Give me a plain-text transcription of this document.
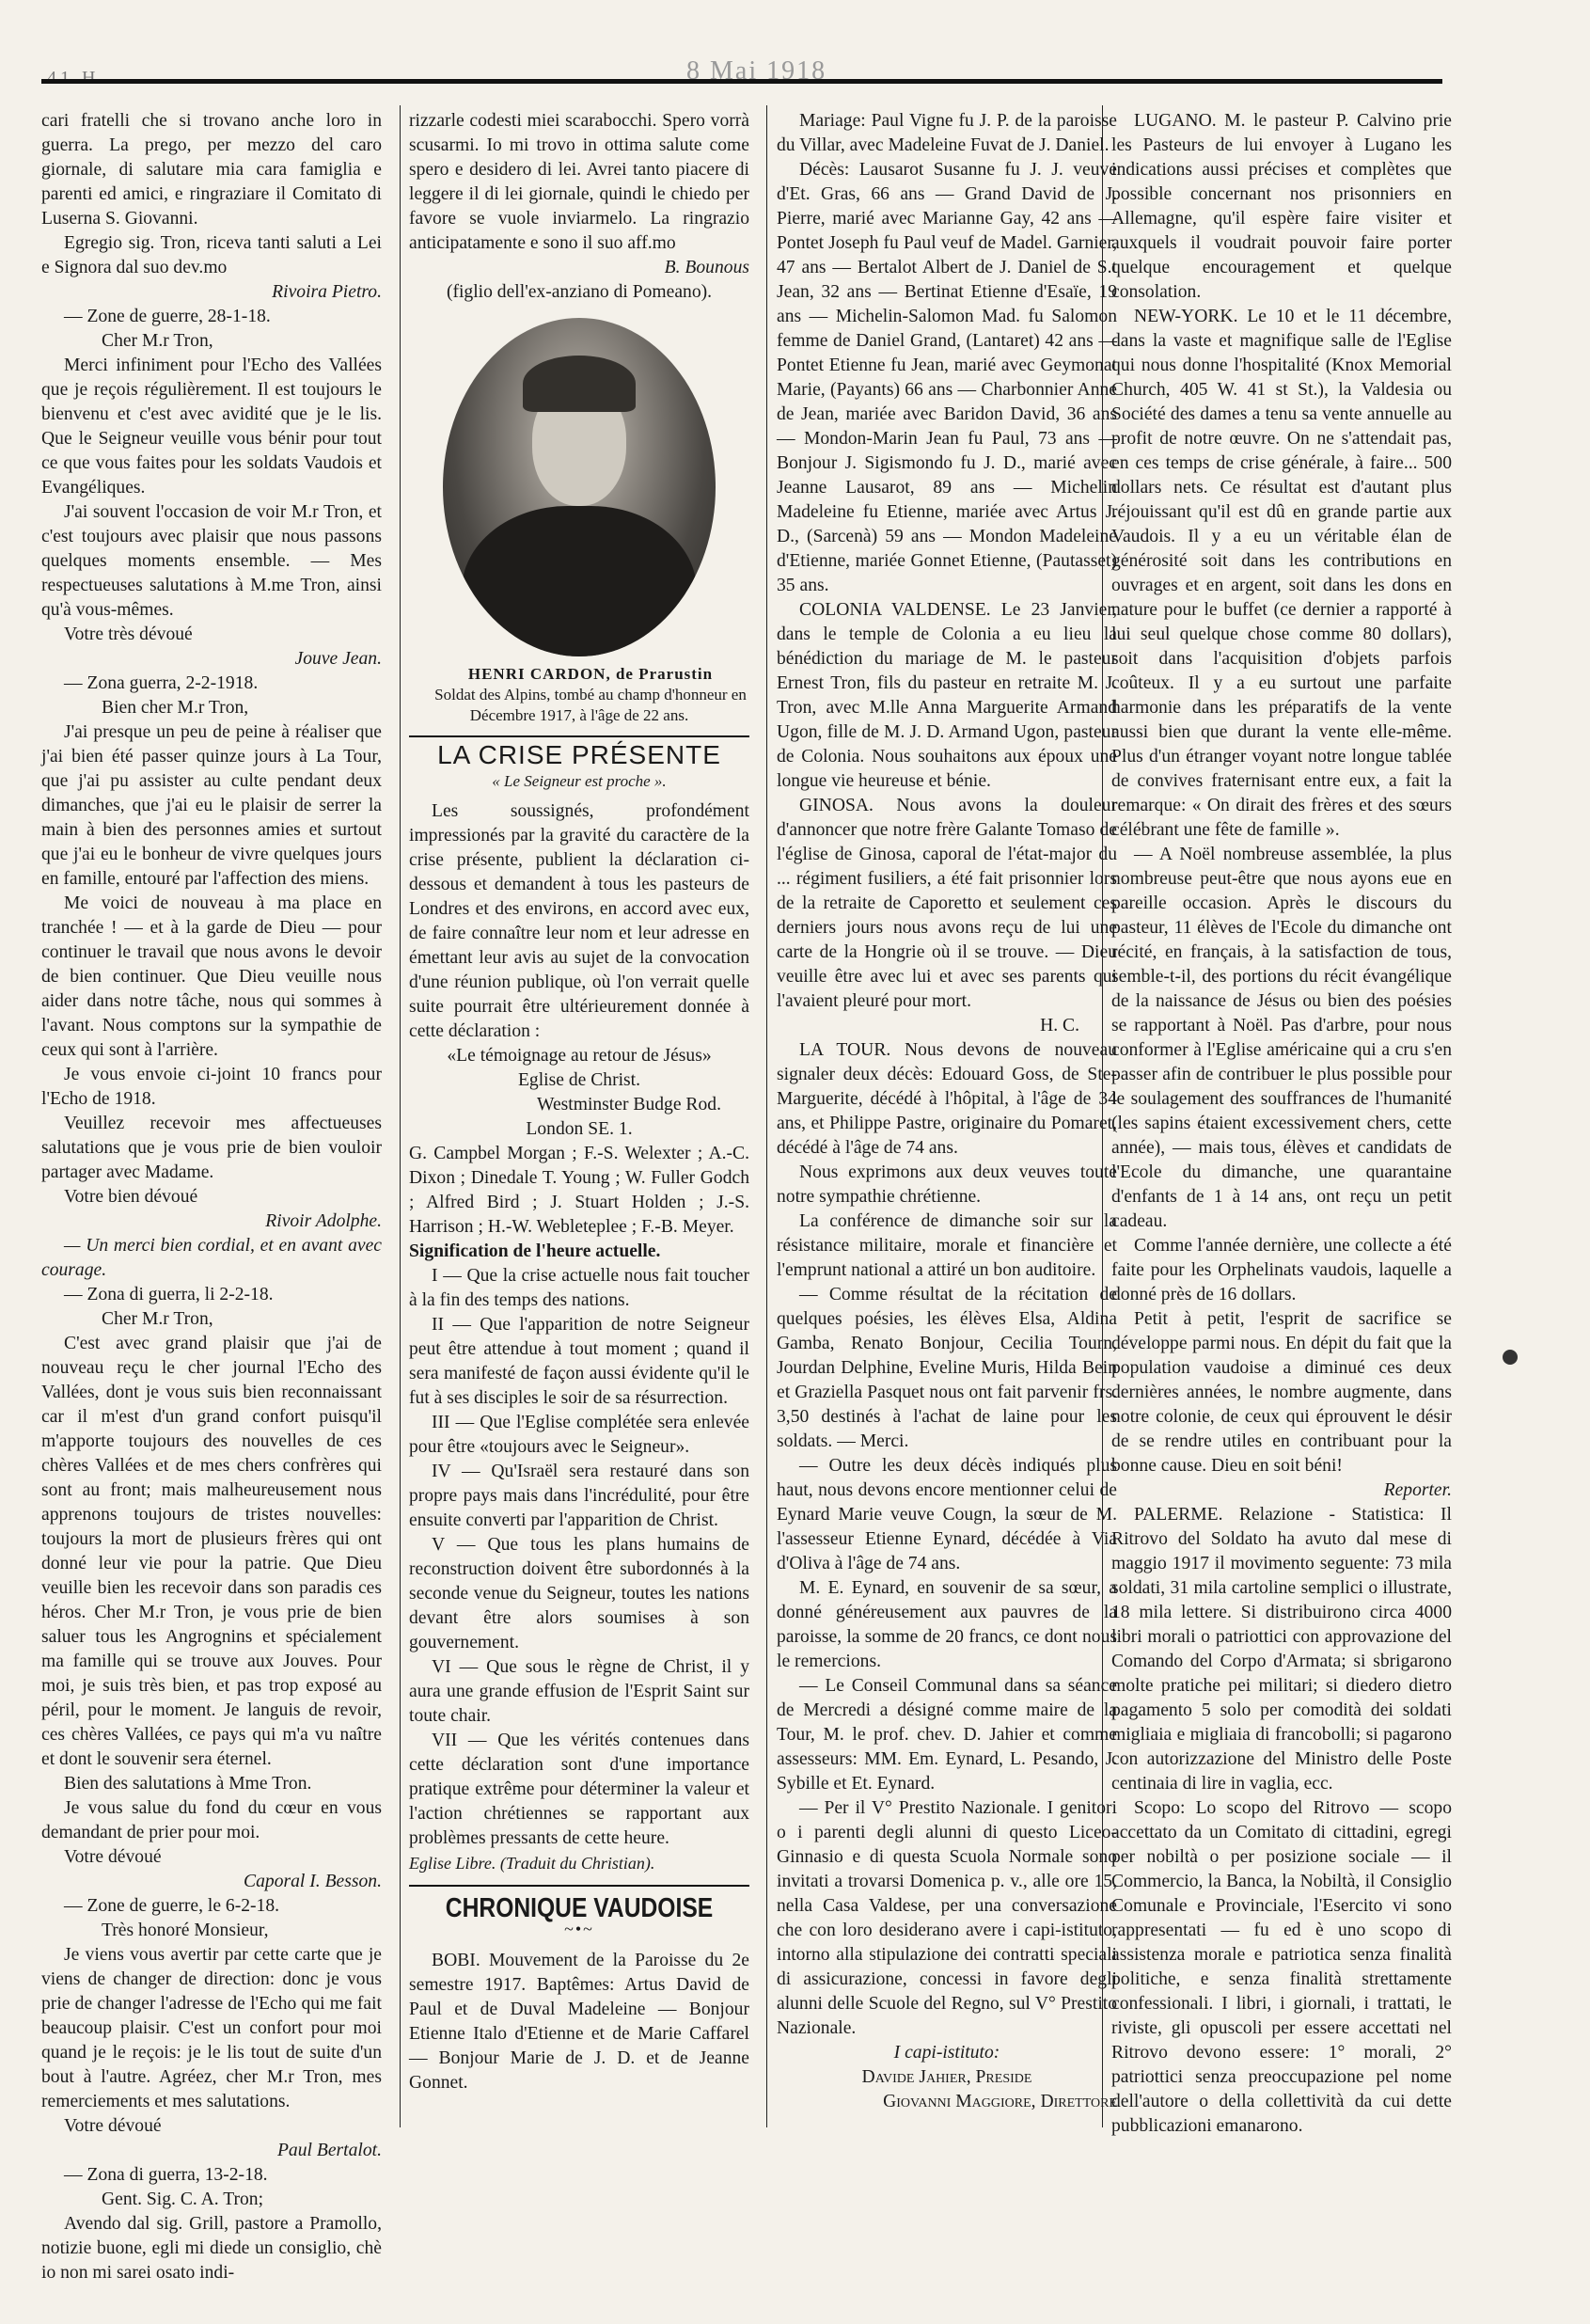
41 H	8 Mai 1918

cari fratelli che si trovano anche loro in guerra. La prego, per mezzo del caro giornale, di salutare mia cara famiglia e parenti ed amici, e ringraziare il Comitato di Luserna S. Giovanni.

Egregio sig. Tron, riceva tanti saluti a Lei e Signora dal suo dev.mo

Rivoira Pietro.

— Zone de guerre, 28-1-18.

Cher M.r Tron,

Merci infiniment pour l'Echo des Vallées que je reçois régulièrement. Il est toujours le bienvenu et c'est avec avidité que je le lis. Que le Seigneur veuille vous bénir pour tout ce que vous faites pour les soldats Vaudois et Evangéliques.

J'ai souvent l'occasion de voir M.r Tron, et c'est toujours avec plaisir que nous passons quelques moments ensemble. — Mes respectueuses salutations à M.me Tron, ainsi qu'à vous-mêmes.

Votre très dévoué

Jouve Jean.

— Zona guerra, 2-2-1918.

Bien cher M.r Tron,

J'ai presque un peu de peine à réaliser que j'ai bien été passer quinze jours à La Tour, que j'ai pu assister au culte pendant deux dimanches, que j'ai eu le plaisir de serrer la main à bien des personnes amies et surtout que j'ai eu le bonheur de vivre quelques jours en famille, entouré par l'affection des miens.

Me voici de nouveau à ma place en tranchée ! — et à la garde de Dieu — pour continuer le travail que nous avons le devoir de bien continuer. Que Dieu veuille nous aider dans notre tâche, nous qui sommes à l'avant. Nous comptons sur la sympathie de ceux qui sont à l'arrière.

Je vous envoie ci-joint 10 francs pour l'Echo de 1918.

Veuillez recevoir mes affectueuses salutations que je vous prie de bien vouloir partager avec Madame.

Votre bien dévoué

Rivoir Adolphe.

— Un merci bien cordial, et en avant avec courage.

— Zona di guerra, li 2-2-18.

Cher M.r Tron,

C'est avec grand plaisir que j'ai de nouveau reçu le cher journal l'Echo des Vallées, dont je vous suis bien reconnaissant car il m'est d'un grand confort puisqu'il m'apporte toujours des nouvelles de ces chères Vallées et de mes chers confrères qui sont au front; mais malheureusement nous apprenons toujours de tristes nouvelles: toujours la mort de plusieurs frères qui ont donné leur vie pour la patrie. Que Dieu veuille bien les recevoir dans son paradis ces héros. Cher M.r Tron, je vous prie de bien saluer tous les Angrognins et spécialement ma famille qui se trouve aux Jouves. Pour moi, je suis très bien, et pas trop exposé au péril, pour le moment. Je languis de revoir, ces chères Vallées, ce pays qui m'a vu naître et dont le souvenir sera éternel.

Bien des salutations à Mme Tron.

Je vous salue du fond du cœur en vous demandant de prier pour moi.

Votre dévoué

Caporal I. Besson.

— Zone de guerre, le 6-2-18.

Très honoré Monsieur,

Je viens vous avertir par cette carte que je viens de changer de direction: donc je vous prie de changer l'adresse de l'Echo qui me fait beaucoup plaisir. C'est un confort pour moi quand je le reçois: je le lis tout de suite d'un bout à l'autre. Agréez, cher M.r Tron, mes remerciements et mes salutations.

Votre dévoué

Paul Bertalot.

— Zona di guerra, 13-2-18.

Gent. Sig. C. A. Tron;

Avendo dal sig. Grill, pastore a Pramollo, notizie buone, egli mi diede un consiglio, chè io non mi sarei osato indi-

rizzarle codesti miei scarabocchi. Spero vorrà scusarmi. Io mi trovo in ottima salute come spero e desidero di lei. Avrei tanto piacere di leggere il di lei giornale, quindi le chiedo per favore se vuole inviarmelo. La ringrazio anticipatamente e sono il suo aff.mo

B. Bounous

(figlio dell'ex-anziano di Pomeano).

HENRI CARDON, de Prarustin

Soldat des Alpins, tombé au champ d'honneur en Décembre 1917, à l'âge de 22 ans.

LA CRISE PRÉSENTE
« Le Seigneur est proche ».

Les soussignés, profondément impressionés par la gravité du caractère de la crise présente, publient la déclaration ci-dessous et demandent à tous les pasteurs de Londres et des environs, en accord avec eux, de faire connaître leur nom et leur adresse en émettant leur avis au sujet de la convocation d'une réunion publique, où l'on verrait quelle suite pourrait être ultérieurement donnée à cette déclaration :

«Le témoignage au retour de Jésus»

Eglise de Christ.

Westminster Budge Rod.

London SE. 1.

G. Campbel Morgan ; F.-S. Welexter ; A.-C. Dixon ; Dinedale T. Young ; W. Fuller Godch ; Alfred Bird ; J. Stuart Holden ; J.-S. Harrison ; H.-W. Webleteplee ; F.-B. Meyer.

Signification de l'heure actuelle.

I — Que la crise actuelle nous fait toucher à la fin des temps des nations.

II — Que l'apparition de notre Seigneur peut être attendue à tout moment ; quand il sera manifesté de façon aussi évidente qu'il le fut à ses disciples le soir de sa résurrection.

III — Que l'Eglise complétée sera enlevée pour être «toujours avec le Seigneur».

IV — Qu'Israël sera restauré dans son propre pays mais dans l'incrédulité, pour être ensuite converti par l'apparition de Christ.

V — Que tous les plans humains de reconstruction doivent être subordonnés à la seconde venue du Seigneur, toutes les nations devant être alors soumises à son gouvernement.

VI — Que sous le règne de Christ, il y aura une grande effusion de l'Esprit Saint sur toute chair.

VII — Que les vérités contenues dans cette déclaration sont d'une importance pratique extrême pour déterminer la valeur et l'action chrétiennes se rapportant aux problèmes pressants de cette heure.

Eglise Libre. (Traduit du Christian).

CHRONIQUE VAUDOISE
~•~

BOBI. Mouvement de la Paroisse du 2e semestre 1917. Baptêmes: Artus David de Paul et de Duval Madeleine — Bonjour Etienne Italo d'Etienne et de Marie Caffarel — Bonjour Marie de J. D. et de Jeanne Gonnet.

Mariage: Paul Vigne fu J. P. de la paroisse du Villar, avec Madeleine Fuvat de J. Daniel.

Décès: Lausarot Susanne fu J. J. veuve d'Et. Gras, 66 ans — Grand David de J. Pierre, marié avec Marianne Gay, 42 ans — Pontet Joseph fu Paul veuf de Madel. Garnier, 47 ans — Bertalot Albert de J. Daniel de S.t Jean, 32 ans — Bertinat Etienne d'Esaïe, 19 ans — Michelin-Salomon Mad. fu Salomon femme de Daniel Grand, (Lantaret) 42 ans — Pontet Etienne fu Jean, marié avec Geymonat Marie, (Payants) 66 ans — Charbonnier Anne de Jean, mariée avec Baridon David, 36 ans — Mondon-Marin Jean fu Paul, 73 ans — Bonjour J. Sigismondo fu J. D., marié avec Jeanne Lausarot, 89 ans — Michelin Madeleine fu Etienne, mariée avec Artus J. D., (Sarcenà) 59 ans — Mondon Madeleine d'Etienne, mariée Gonnet Etienne, (Pautasset) 35 ans.

COLONIA VALDENSE. Le 23 Janvier, dans le temple de Colonia a eu lieu la bénédiction du mariage de M. le pasteur Ernest Tron, fils du pasteur en retraite M. J. Tron, avec M.lle Anna Marguerite Armand Ugon, fille de M. J. D. Armand Ugon, pasteur de Colonia. Nous souhaitons aux époux une longue vie heureuse et bénie.

GINOSA. Nous avons la douleur d'annoncer que notre frère Galante Tomaso de l'église de Ginosa, caporal de l'état-major du ... régiment fusiliers, a été fait prisonnier lors de la retraite de Caporetto et seulement ces derniers jours nous avons reçu de lui une carte de la Hongrie où il se trouve. — Dieu veuille être avec lui et avec ses parents qui l'avaient pleuré pour mort.

H. C.

LA TOUR. Nous devons de nouveau signaler deux décès: Edouard Goss, de Ste-Marguerite, décédé à l'hôpital, à l'âge de 34 ans, et Philippe Pastre, originaire du Pomaret, décédé à l'âge de 74 ans.

Nous exprimons aux deux veuves toute notre sympathie chrétienne.

La conférence de dimanche soir sur la résistance militaire, morale et financière et l'emprunt national a attiré un bon auditoire.

— Comme résultat de la récitation de quelques poésies, les élèves Elsa, Aldina Gamba, Renato Bonjour, Cecilia Tourn, Jourdan Delphine, Eveline Muris, Hilda Bein et Graziella Pasquet nous ont fait parvenir frs. 3,50 destinés à l'achat de laine pour les soldats. — Merci.

— Outre les deux décès indiqués plus haut, nous devons encore mentionner celui de Eynard Marie veuve Cougn, la sœur de M. l'assesseur Etienne Eynard, décédée à Via d'Oliva à l'âge de 74 ans.

M. E. Eynard, en souvenir de sa sœur, a donné généreusement aux pauvres de la paroisse, la somme de 20 francs, ce dont nous le remercions.

— Le Conseil Communal dans sa séance de Mercredi a désigné comme maire de la Tour, M. le prof. chev. D. Jahier et comme assesseurs: MM. Em. Eynard, L. Pesando, J. Sybille et Et. Eynard.

— Per il V° Prestito Nazionale. I genitori o i parenti degli alunni di questo Liceo-Ginnasio e di questa Scuola Normale sono invitati a trovarsi Domenica p. v., alle ore 15, nella Casa Valdese, per una conversazione che con loro desiderano avere i capi-istituto, intorno alla stipulazione dei contratti speciali di assicurazione, concessi in favore degli alunni delle Scuole del Regno, sul V° Prestito Nazionale.

I capi-istituto:

Davide Jahier, Preside

Giovanni Maggiore, Direttore

LUGANO. M. le pasteur P. Calvino prie les Pasteurs de lui envoyer à Lugano les indications aussi précises et complètes que possible concernant nos prisonniers en Allemagne, qu'il espère faire visiter et auxquels il voudrait pouvoir faire porter quelque encouragement et quelque consolation.

NEW-YORK. Le 10 et le 11 décembre, dans la vaste et magnifique salle de l'Eglise qui nous donne l'hospitalité (Knox Memorial Church, 405 W. 41 st St.), la Valdesia ou Société des dames a tenu sa vente annuelle au profit de notre œuvre. On ne s'attendait pas, en ces temps de crise générale, à faire... 500 dollars nets. Ce résultat est d'autant plus réjouissant qu'il est dû en grande partie aux Vaudois. Il y a eu un véritable élan de générosité soit dans les contributions en ouvrages et en argent, soit dans les dons en nature pour le buffet (ce dernier a rapporté à lui seul quelque chose comme 80 dollars), soit dans l'acquisition d'objets parfois coûteux. Il y a eu surtout une parfaite harmonie dans les préparatifs de la vente aussi bien que durant la vente elle-même. Plus d'un étranger voyant notre longue tablée de convives fraternisant entre eux, a fait la remarque: « On dirait des frères et des sœurs célébrant une fête de famille ».

— A Noël nombreuse assemblée, la plus nombreuse peut-être que nous ayons eue en pareille occasion. Après le discours du pasteur, 11 élèves de l'Ecole du dimanche ont récité, en français, à la satisfaction de tous, semble-t-il, des portions du récit évangélique de la naissance de Jésus ou bien des poésies se rapportant à Noël. Pas d'arbre, pour nous conformer à l'Eglise américaine qui a cru s'en passer afin de contribuer le plus possible pour le soulagement des souffrances de l'humanité (les sapins étaient excessivement chers, cette année), — mais tous, élèves et candidats de l'Ecole du dimanche, une quarantaine d'enfants de 1 à 14 ans, ont reçu un petit cadeau.

Comme l'année dernière, une collecte a été faite pour les Orphelinats vaudois, laquelle a donné près de 16 dollars.

Petit à petit, l'esprit de sacrifice se développe parmi nous. En dépit du fait que la population vaudoise a diminué ces deux dernières années, le nombre augmente, dans notre colonie, de ceux qui éprouvent le désir de se rendre utiles en contribuant pour la bonne cause. Dieu en soit béni!

Reporter.

PALERME. Relazione - Statistica: Il Ritrovo del Soldato ha avuto dal mese di maggio 1917 il movimento seguente: 73 mila soldati, 31 mila cartoline semplici o illustrate, 18 mila lettere. Si distribuirono circa 4000 libri morali o patriottici con approvazione del Comando del Corpo d'Armata; si sbrigarono molte pratiche pei militari; si diedero dietro pagamento 5 solo per comodità dei soldati migliaia e migliaia di francobolli; si pagarono con autorizzazione del Ministro delle Poste centinaia di lire in vaglia, ecc.

Scopo: Lo scopo del Ritrovo — scopo accettato da un Comitato di cittadini, egregi per nobiltà o per posizione sociale — il Commercio, la Banca, la Nobiltà, il Consiglio Comunale e Provinciale, l'Esercito vi sono rappresentati — fu ed è uno scopo di assistenza morale e patriotica senza finalità politiche, e senza finalità strettamente confessionali. I libri, i giornali, i trattati, le riviste, gli opuscoli per essere accettati nel Ritrovo devono essere: 1° morali, 2° patriottici senza preoccupazione pel nome dell'autore o della collettività da cui dette pubblicazioni emanarono.
